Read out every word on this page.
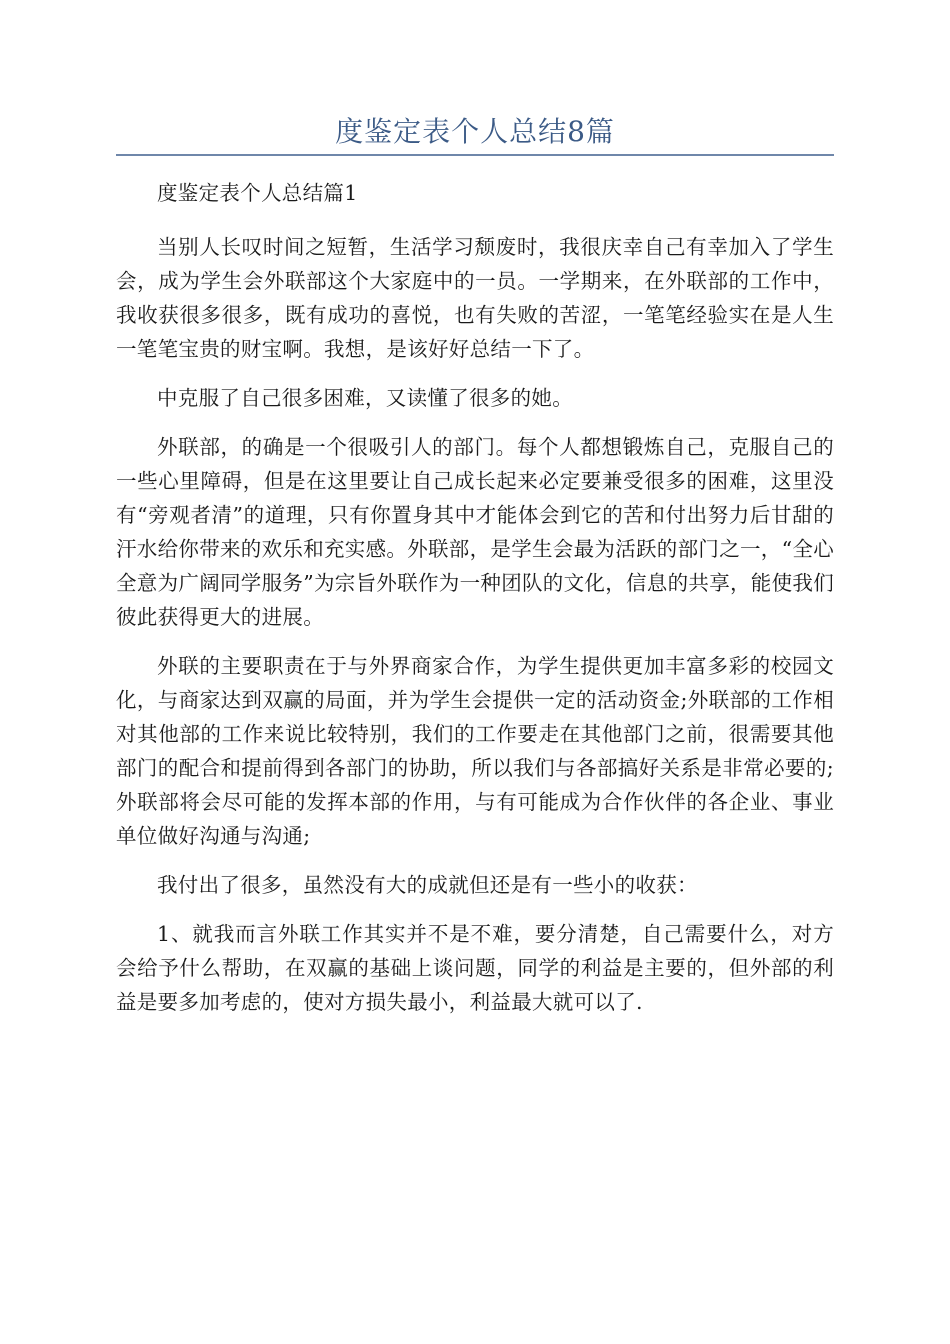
度鉴定表个人总结8篇

度鉴定表个人总结篇1

当别人长叹时间之短暂，生活学习颓废时，我很庆幸自己有幸加入了学生会，成为学生会外联部这个大家庭中的一员。一学期来，在外联部的工作中，我收获很多很多，既有成功的喜悦，也有失败的苦涩，一笔笔经验实在是人生一笔笔宝贵的财宝啊。我想，是该好好总结一下了。

中克服了自己很多困难，又读懂了很多的她。

外联部，的确是一个很吸引人的部门。每个人都想锻炼自己，克服自己的一些心里障碍，但是在这里要让自己成长起来必定要兼受很多的困难，这里没有“旁观者清”的道理，只有你置身其中才能体会到它的苦和付出努力后甘甜的汗水给你带来的欢乐和充实感。外联部，是学生会最为活跃的部门之一，“全心全意为广阔同学服务”为宗旨外联作为一种团队的文化，信息的共享，能使我们彼此获得更大的进展。

外联的主要职责在于与外界商家合作，为学生提供更加丰富多彩的校园文化，与商家达到双赢的局面，并为学生会提供一定的活动资金;外联部的工作相对其他部的工作来说比较特别，我们的工作要走在其他部门之前，很需要其他部门的配合和提前得到各部门的协助，所以我们与各部搞好关系是非常必要的;外联部将会尽可能的发挥本部的作用，与有可能成为合作伙伴的各企业、事业单位做好沟通与沟通;

我付出了很多，虽然没有大的成就但还是有一些小的收获：

1、就我而言外联工作其实并不是不难，要分清楚，自己需要什么，对方会给予什么帮助，在双赢的基础上谈问题，同学的利益是主要的，但外部的利益是要多加考虑的，使对方损失最小，利益最大就可以了.
